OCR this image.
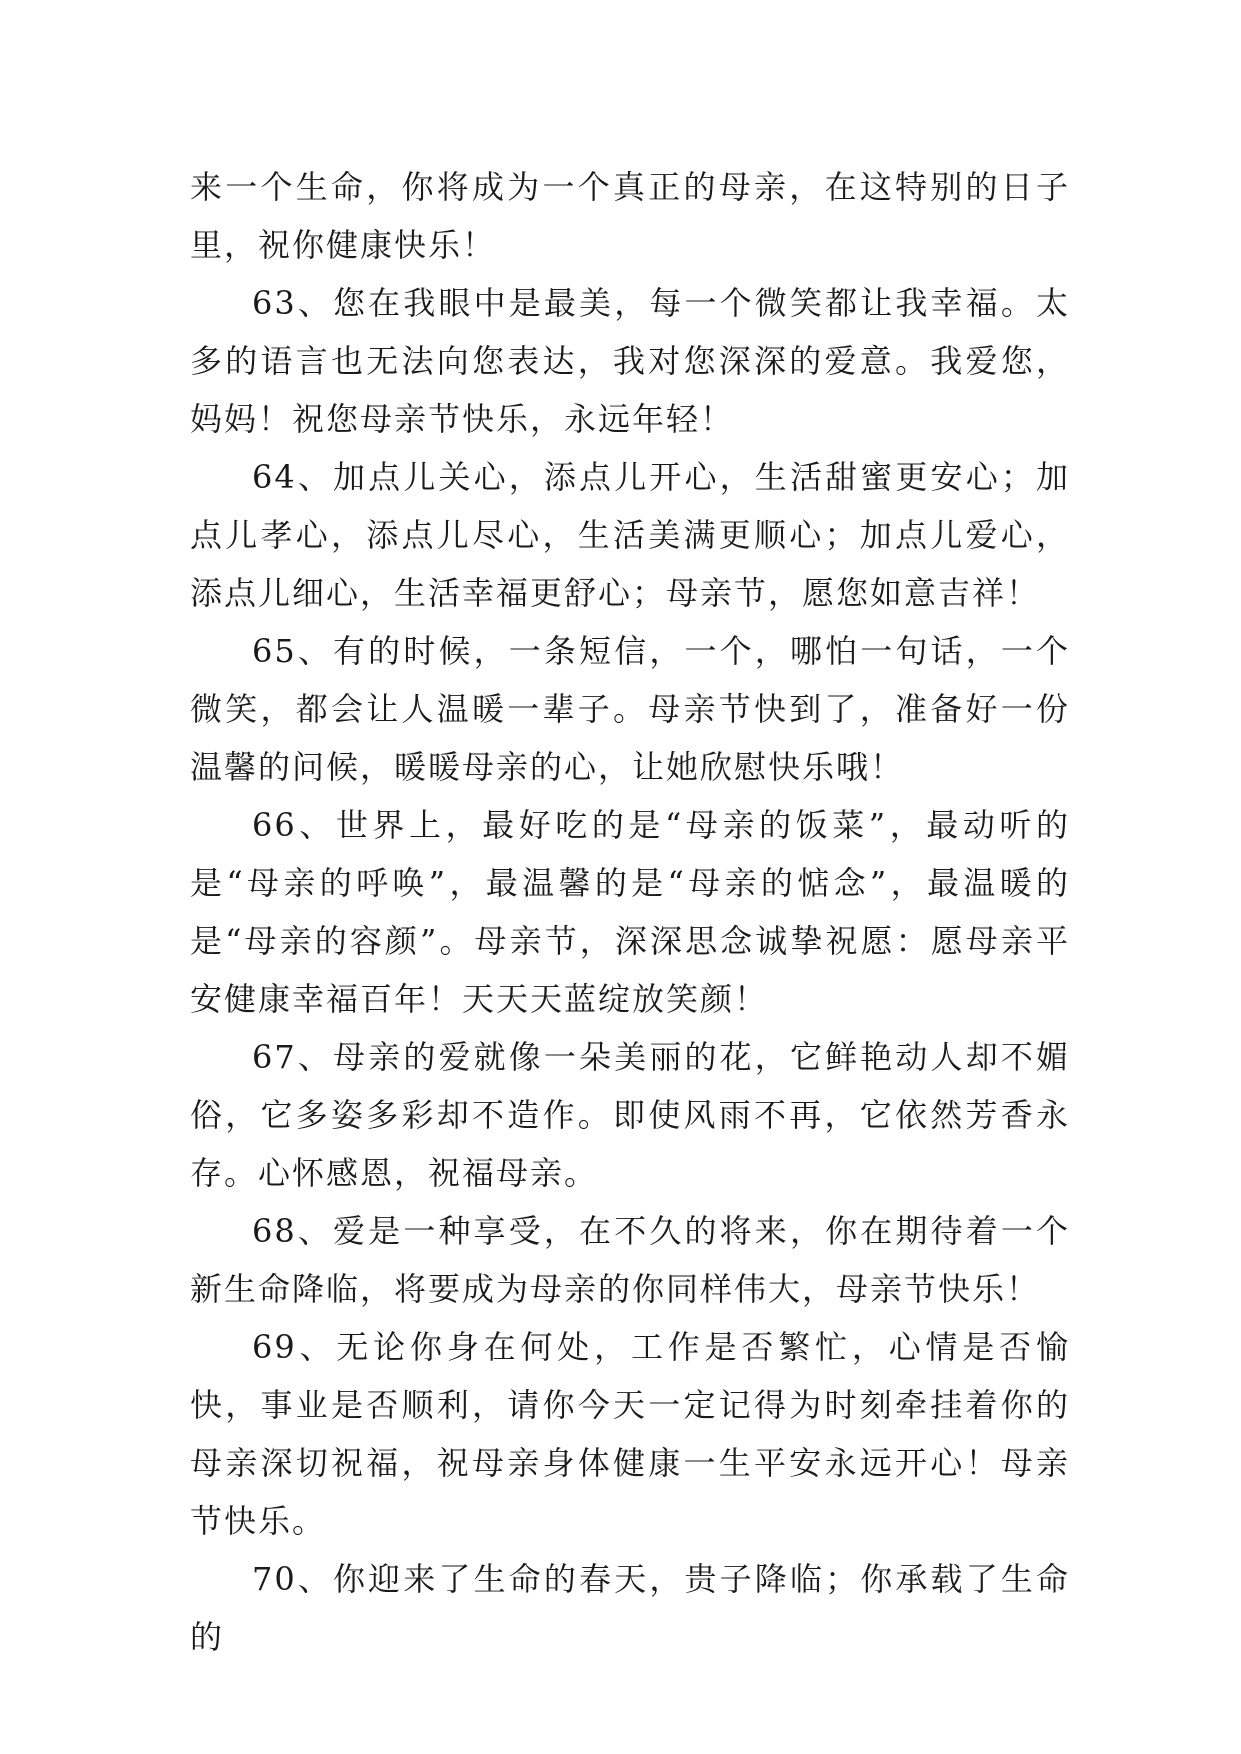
来一个生命，你将成为一个真正的母亲，在这特别的日子里，祝你健康快乐！

63、您在我眼中是最美，每一个微笑都让我幸福。太多的语言也无法向您表达，我对您深深的爱意。我爱您，妈妈！祝您母亲节快乐，永远年轻！

64、加点儿关心，添点儿开心，生活甜蜜更安心；加点儿孝心，添点儿尽心，生活美满更顺心；加点儿爱心，添点儿细心，生活幸福更舒心；母亲节，愿您如意吉祥！

65、有的时候，一条短信，一个，哪怕一句话，一个微笑，都会让人温暖一辈子。母亲节快到了，准备好一份温馨的问候，暖暖母亲的心，让她欣慰快乐哦！

66、世界上，最好吃的是“母亲的饭菜”，最动听的是“母亲的呼唤”，最温馨的是“母亲的惦念”，最温暖的是“母亲的容颜”。母亲节，深深思念诚挚祝愿：愿母亲平安健康幸福百年！天天天蓝绽放笑颜！

67、母亲的爱就像一朵美丽的花，它鲜艳动人却不媚俗，它多姿多彩却不造作。即使风雨不再，它依然芳香永存。心怀感恩，祝福母亲。

68、爱是一种享受，在不久的将来，你在期待着一个新生命降临，将要成为母亲的你同样伟大，母亲节快乐！

69、无论你身在何处，工作是否繁忙，心情是否愉快，事业是否顺利，请你今天一定记得为时刻牵挂着你的母亲深切祝福，祝母亲身体健康一生平安永远开心！母亲节快乐。

70、你迎来了生命的春天，贵子降临；你承载了生命的
